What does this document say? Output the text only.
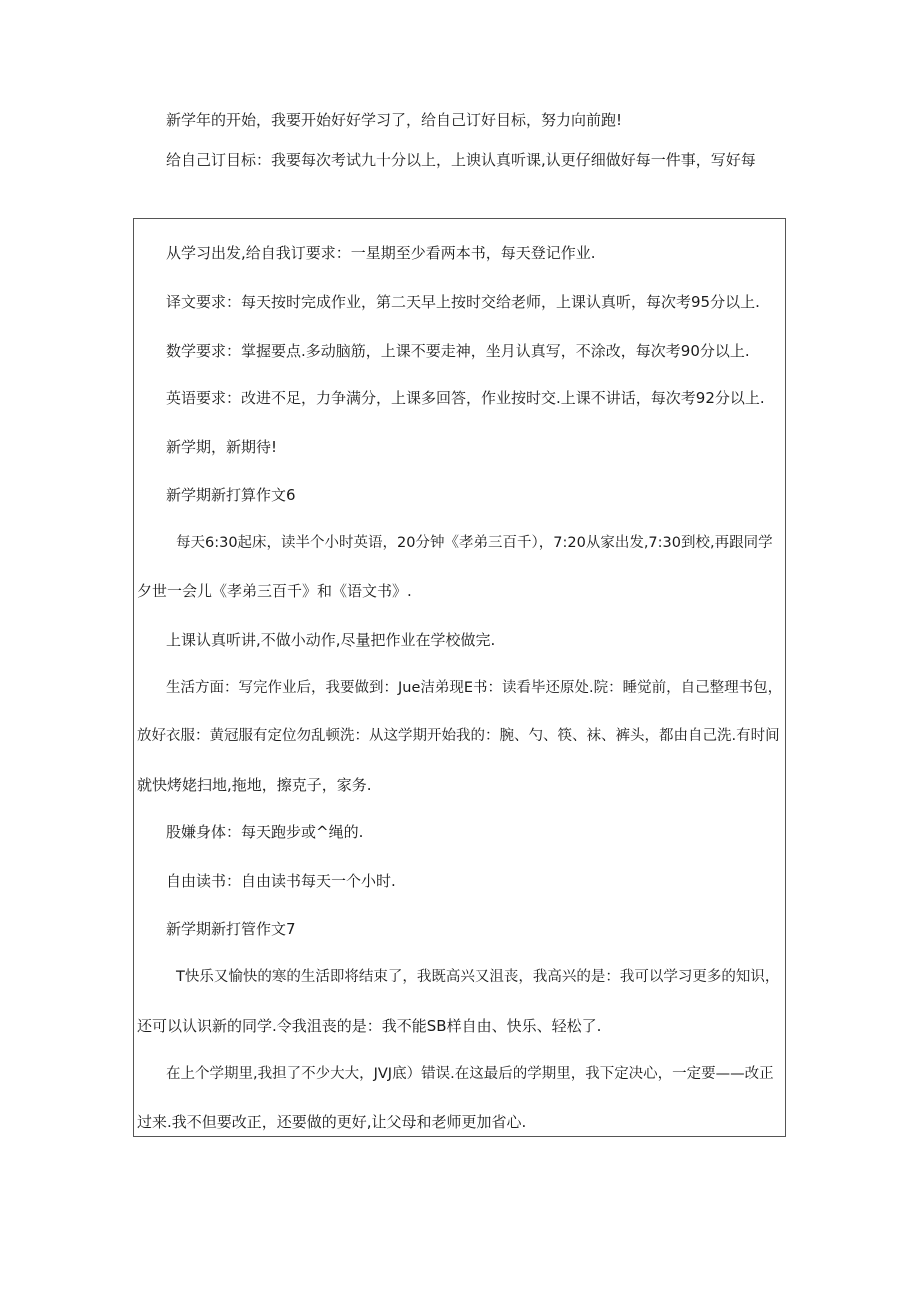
新学年的开始，我要开始好好学习了，给自己订好目标，努力向前跑!
给自己订目标：我要每次考试九十分以上，上谀认真听课,认更仔细做好每一件事，写好每
从学习出发,给自我订要求：一星期至少看两本书，每天登记作业.
译文要求：每天按时完成作业，第二天早上按时交给老师，上课认真听，每次考95分以上.
数学要求：掌握要点.多动脑筋，上课不要走神，坐月认真写，不涂改，每次考90分以上.
英语要求：改进不足，力争满分，上课多回答，作业按时交.上课不讲话，每次考92分以上.
新学期，新期待!
新学期新打算作文6
每天6:30起床，读半个小时英语，20分钟《孝弟三百千），7:20从家出发,7:30到校,再跟同学
夕世一会儿《孝弟三百千》和《语文书》.
上课认真听讲,不做小动作,尽量把作业在学校做完.
生活方面：写完作业后，我要做到：Jue洁弟现E书：读看毕还原处.院：睡觉前，自己整理书包，
放好衣服：黄冠服有定位勿乱顿洗：从这学期开始我的：腕、勺、筷、袜、裤头，都由自己洗.有时间
就快烤姥扫地,拖地，擦克子，家务.
股嫌身体：每天跑步或^绳的.
自由读书：自由读书每天一个小时.
新学期新打管作文7
T快乐又愉快的寒的生活即将结束了，我既高兴又沮丧，我高兴的是：我可以学习更多的知识，
还可以认识新的同学.令我沮丧的是：我不能SB样自由、快乐、轻松了.
在上个学期里,我担了不少大大，JVJ底）错误.在这最后的学期里，我下定决心，一定要——改正
过来.我不但要改正，还要做的更好,让父母和老师更加省心.
